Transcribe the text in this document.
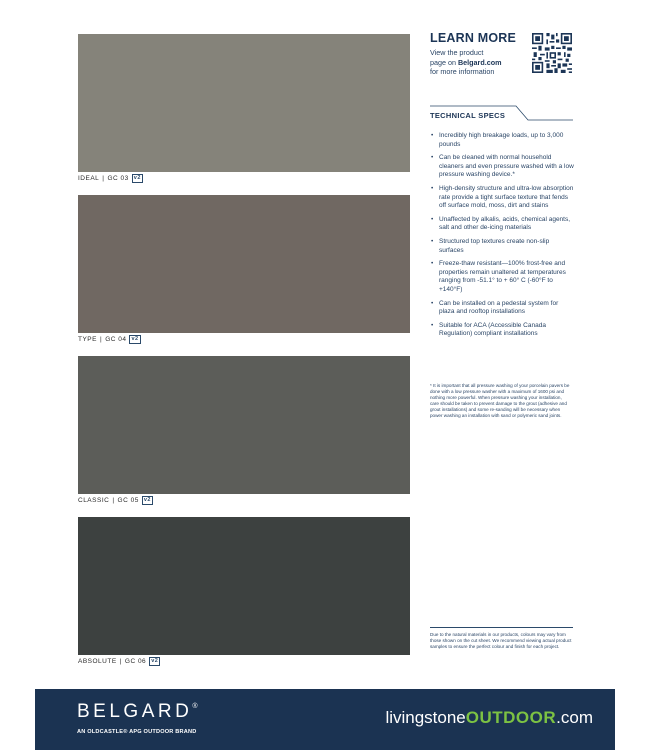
IDEAL | GC 03 v2
TYPE | GC 04 v2
CLASSIC | GC 05 v2
ABSOLUTE | GC 06 v2
LEARN MORE

View the product
page on Belgard.com
for more information

TECHNICAL SPECS
• Incredibly high breakage loads, up to 3,000 pounds
• Can be cleaned with normal household cleaners and even pressure washed with a low pressure washing device.*
• High-density structure and ultra-low absorption rate provide a tight surface texture that fends off surface mold, moss, dirt and stains
• Unaffected by alkalis, acids, chemical agents, salt and other de-icing materials
• Structured top textures create non-slip surfaces
• Freeze-thaw resistant—100% frost-free and properties remain unaltered at temperatures ranging from -51.1° to + 60° C (-60°F to +140°F)
• Can be installed on a pedestal system for plaza and rooftop installations
• Suitable for ACA (Accessible Canada Regulation) compliant installations

* It is important that all pressure washing of your porcelain pavers be done with a low pressure washer with a maximum of 1600 psi and nothing more powerful. When pressure washing your installation, care should be taken to prevent damage to the grout (adhesive and grout installations) and some re-sanding will be necessary when power washing an installation with sand or polymeric sand joints.

Due to the natural materials in our products, colours may vary from those shown on the cut sheet. We recommend viewing actual product samples to ensure the perfect colour and finish for each project.

BELGARD®
AN OLDCASTLE® APG OUTDOOR BRAND
livingstoneOUTDOOR.com
